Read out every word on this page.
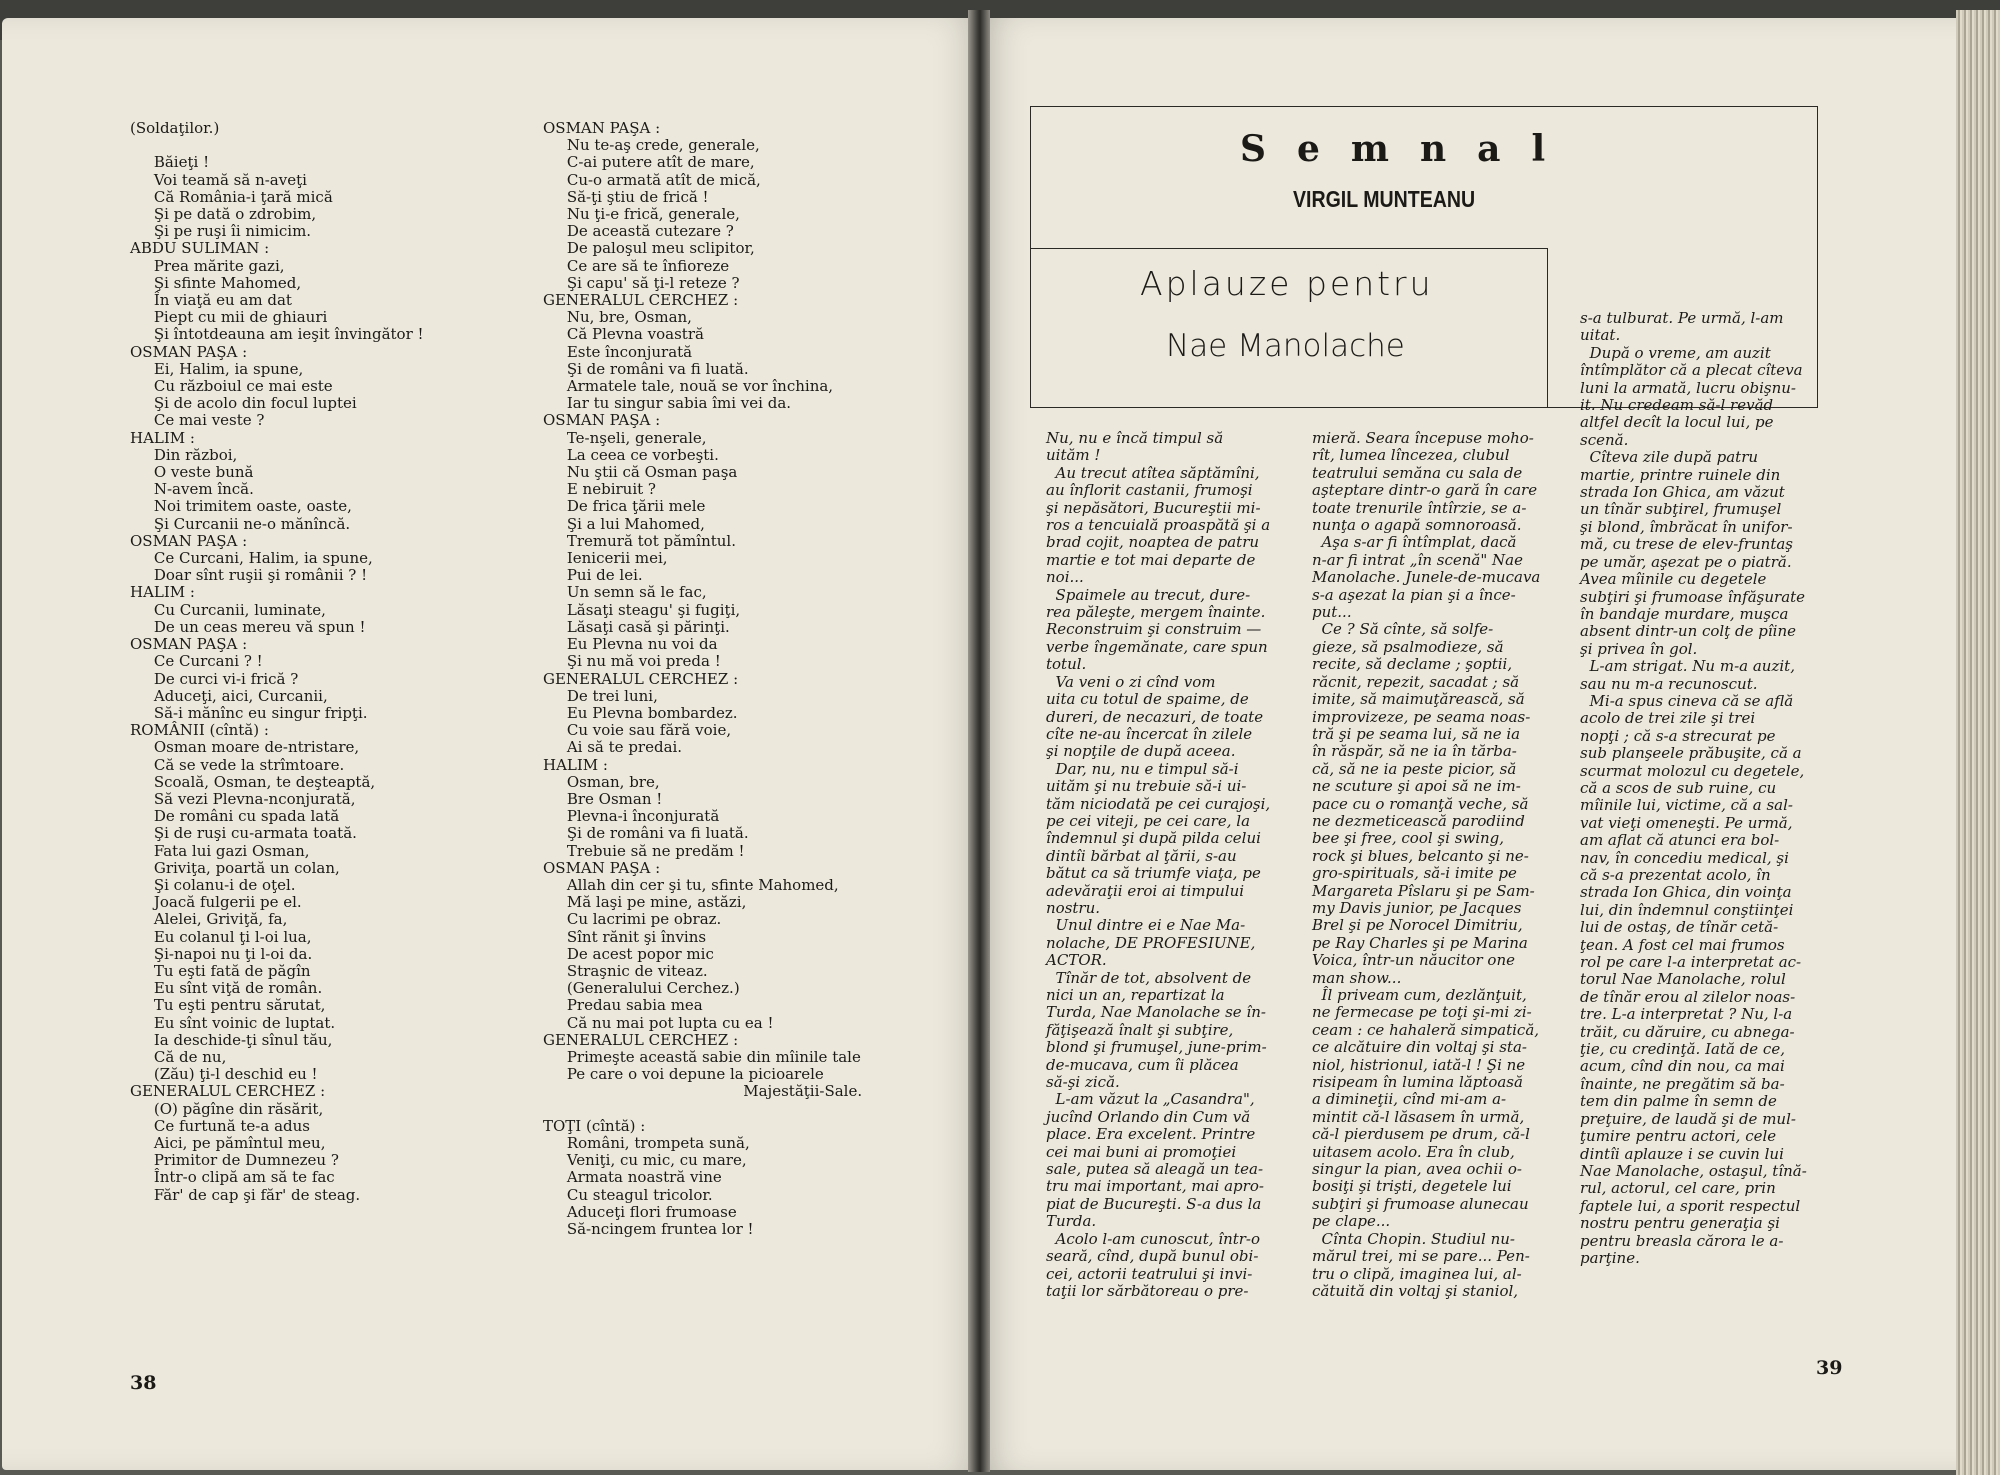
(Soldaţilor.)

Băieţi !
Voi teamă să n-aveţi
Că România-i ţară mică
Şi pe dată o zdrobim,
Şi pe ruşi îi nimicim.
ABDU SULIMAN :
Prea mărite gazi,
Şi sfinte Mahomed,
În viaţă eu am dat
Piept cu mii de ghiauri
Şi întotdeauna am ieşit învingător !
OSMAN PAŞA :
Ei, Halim, ia spune,
Cu războiul ce mai este
Şi de acolo din focul luptei
Ce mai veste ?
HALIM :
Din război,
O veste bună
N-avem încă.
Noi trimitem oaste, oaste,
Şi Curcanii ne-o mănîncă.
OSMAN PAŞA :
Ce Curcani, Halim, ia spune,
Doar sînt ruşii şi românii ? !
HALIM :
Cu Curcanii, luminate,
De un ceas mereu vă spun !
OSMAN PAŞA :
Ce Curcani ? !
De curci vi-i frică ?
Aduceţi, aici, Curcanii,
Să-i mănînc eu singur fripţi.
ROMÂNII (cîntă) :
Osman moare de-ntristare,
Că se vede la strîmtoare.
Scoală, Osman, te deşteaptă,
Să vezi Plevna-nconjurată,
De români cu spada lată
Şi de ruşi cu-armata toată.
Fata lui gazi Osman,
Griviţa, poartă un colan,
Şi colanu-i de oţel.
Joacă fulgerii pe el.
Alelei, Griviţă, fa,
Eu colanul ţi l-oi lua,
Şi-napoi nu ţi l-oi da.
Tu eşti fată de păgîn
Eu sînt viţă de român.
Tu eşti pentru sărutat,
Eu sînt voinic de luptat.
Ia deschide-ţi sînul tău,
Că de nu,
(Zău) ţi-l deschid eu !
GENERALUL CERCHEZ :
(O) păgîne din răsărit,
Ce furtună te-a adus
Aici, pe pămîntul meu,
Primitor de Dumnezeu ?
Într-o clipă am să te fac
Făr' de cap şi făr' de steag.
OSMAN PAŞA :
Nu te-aş crede, generale,
C-ai putere atît de mare,
Cu-o armată atît de mică,
Să-ţi ştiu de frică !
Nu ţi-e frică, generale,
De această cutezare ?
De paloşul meu sclipitor,
Ce are să te înfioreze
Şi capu' să ţi-l reteze ?
GENERALUL CERCHEZ :
Nu, bre, Osman,
Că Plevna voastră
Este înconjurată
Şi de români va fi luată.
Armatele tale, nouă se vor închina,
Iar tu singur sabia îmi vei da.
OSMAN PAŞA :
Te-nşeli, generale,
La ceea ce vorbeşti.
Nu ştii că Osman paşa
E nebiruit ?
De frica ţării mele
Şi a lui Mahomed,
Tremură tot pămîntul.
Ienicerii mei,
Pui de lei.
Un semn să le fac,
Lăsaţi steagu' şi fugiţi,
Lăsaţi casă şi părinţi.
Eu Plevna nu voi da
Şi nu mă voi preda !
GENERALUL CERCHEZ :
De trei luni,
Eu Plevna bombardez.
Cu voie sau fără voie,
Ai să te predai.
HALIM :
Osman, bre,
Bre Osman !
Plevna-i înconjurată
Şi de români va fi luată.
Trebuie să ne predăm !
OSMAN PAŞA :
Allah din cer şi tu, sfinte Mahomed,
Mă laşi pe mine, astăzi,
Cu lacrimi pe obraz.
Sînt rănit şi învins
De acest popor mic
Straşnic de viteaz.
(Generalului Cerchez.)
Predau sabia mea
Că nu mai pot lupta cu ea !
GENERALUL CERCHEZ :
Primeşte această sabie din mîinile tale
Pe care o voi depune la picioarele
Majestăţii-Sale.

TOŢI (cîntă) :
Români, trompeta sună,
Veniţi, cu mic, cu mare,
Armata noastră vine
Cu steagul tricolor.
Aduceţi flori frumoase
Să-ncingem fruntea lor !
38
Semnal
VIRGIL MUNTEANU
Aplauze pentru
Nae Manolache
Nu, nu e încă timpul să
uităm !
Au trecut atîtea săptămîni,
au înflorit castanii, frumoşi
şi nepăsători, Bucureştii mi-
ros a tencuială proaspătă şi a
brad cojit, noaptea de patru
martie e tot mai departe de
noi...
Spaimele au trecut, dure-
rea păleşte, mergem înainte.
Reconstruim şi construim —
verbe îngemănate, care spun
totul.
Va veni o zi cînd vom
uita cu totul de spaime, de
dureri, de necazuri, de toate
cîte ne-au încercat în zilele
şi nopţile de după aceea.
Dar, nu, nu e timpul să-i
uităm şi nu trebuie să-i ui-
tăm niciodată pe cei curajoşi,
pe cei viteji, pe cei care, la
îndemnul şi după pilda celui
dintîi bărbat al ţării, s-au
bătut ca să triumfe viaţa, pe
adevăraţii eroi ai timpului
nostru.
Unul dintre ei e Nae Ma-
nolache, DE PROFESIUNE,
ACTOR.
Tînăr de tot, absolvent de
nici un an, repartizat la
Turda, Nae Manolache se în-
făţişează înalt şi subţire,
blond şi frumuşel, june-prim-
de-mucava, cum îi plăcea
să-şi zică.
L-am văzut la „Casandra",
jucînd Orlando din Cum vă
place. Era excelent. Printre
cei mai buni ai promoţiei
sale, putea să aleagă un tea-
tru mai important, mai apro-
piat de Bucureşti. S-a dus la
Turda.
Acolo l-am cunoscut, într-o
seară, cînd, după bunul obi-
cei, actorii teatrului şi invi-
taţii lor sărbătoreau o pre-
mieră. Seara începuse moho-
rît, lumea lîncezea, clubul
teatrului semăna cu sala de
aşteptare dintr-o gară în care
toate trenurile întîrzie, se a-
nunţa o agapă somnoroasă.
Aşa s-ar fi întîmplat, dacă
n-ar fi intrat „în scenă" Nae
Manolache. Junele-de-mucava
s-a aşezat la pian şi a înce-
put...
Ce ? Să cînte, să solfe-
gieze, să psalmodieze, să
recite, să declame ; şoptii,
răcnit, repezit, sacadat ; să
imite, să maimuţărească, să
improvizeze, pe seama noas-
tră şi pe seama lui, să ne ia
în răspăr, să ne ia în tărba-
că, să ne ia peste picior, să
ne scuture şi apoi să ne im-
pace cu o romanţă veche, să
ne dezmeticească parodiind
bee şi free, cool şi swing,
rock şi blues, belcanto şi ne-
gro-spirituals, să-i imite pe
Margareta Pîslaru şi pe Sam-
my Davis junior, pe Jacques
Brel şi pe Norocel Dimitriu,
pe Ray Charles şi pe Marina
Voica, într-un năucitor one
man show...
Îl priveam cum, dezlănţuit,
ne fermecase pe toţi şi-mi zi-
ceam : ce hahaleră simpatică,
ce alcătuire din voltaj şi sta-
niol, histrionul, iată-l ! Şi ne
risipeam în lumina lăptoasă
a dimineţii, cînd mi-am a-
mintit că-l lăsasem în urmă,
că-l pierdusem pe drum, că-l
uitasem acolo. Era în club,
singur la pian, avea ochii o-
bosiţi şi trişti, degetele lui
subţiri şi frumoase alunecau
pe clape...
Cînta Chopin. Studiul nu-
mărul trei, mi se pare... Pen-
tru o clipă, imaginea lui, al-
cătuită din voltaj şi staniol,
s-a tulburat. Pe urmă, l-am
uitat.
După o vreme, am auzit
întîmplător că a plecat cîteva
luni la armată, lucru obişnu-
it. Nu credeam să-l revăd
altfel decît la locul lui, pe
scenă.
Cîteva zile după patru
martie, printre ruinele din
strada Ion Ghica, am văzut
un tînăr subţirel, frumuşel
şi blond, îmbrăcat în unifor-
mă, cu trese de elev-fruntaş
pe umăr, aşezat pe o piatră.
Avea mîinile cu degetele
subţiri şi frumoase înfăşurate
în bandaje murdare, muşca
absent dintr-un colţ de pîine
şi privea în gol.
L-am strigat. Nu m-a auzit,
sau nu m-a recunoscut.
Mi-a spus cineva că se află
acolo de trei zile şi trei
nopţi ; că s-a strecurat pe
sub planşeele prăbuşite, că a
scurmat molozul cu degetele,
că a scos de sub ruine, cu
mîinile lui, victime, că a sal-
vat vieţi omeneşti. Pe urmă,
am aflat că atunci era bol-
nav, în concediu medical, şi
că s-a prezentat acolo, în
strada Ion Ghica, din voinţa
lui, din îndemnul conştiinţei
lui de ostaş, de tînăr cetă-
ţean. A fost cel mai frumos
rol pe care l-a interpretat ac-
torul Nae Manolache, rolul
de tînăr erou al zilelor noas-
tre. L-a interpretat ? Nu, l-a
trăit, cu dăruire, cu abnega-
ţie, cu credinţă. Iată de ce,
acum, cînd din nou, ca mai
înainte, ne pregătim să ba-
tem din palme în semn de
preţuire, de laudă şi de mul-
ţumire pentru actori, cele
dintîi aplauze i se cuvin lui
Nae Manolache, ostaşul, tînă-
rul, actorul, cel care, prin
faptele lui, a sporit respectul
nostru pentru generaţia şi
pentru breasla cărora le a-
parţine.
39
